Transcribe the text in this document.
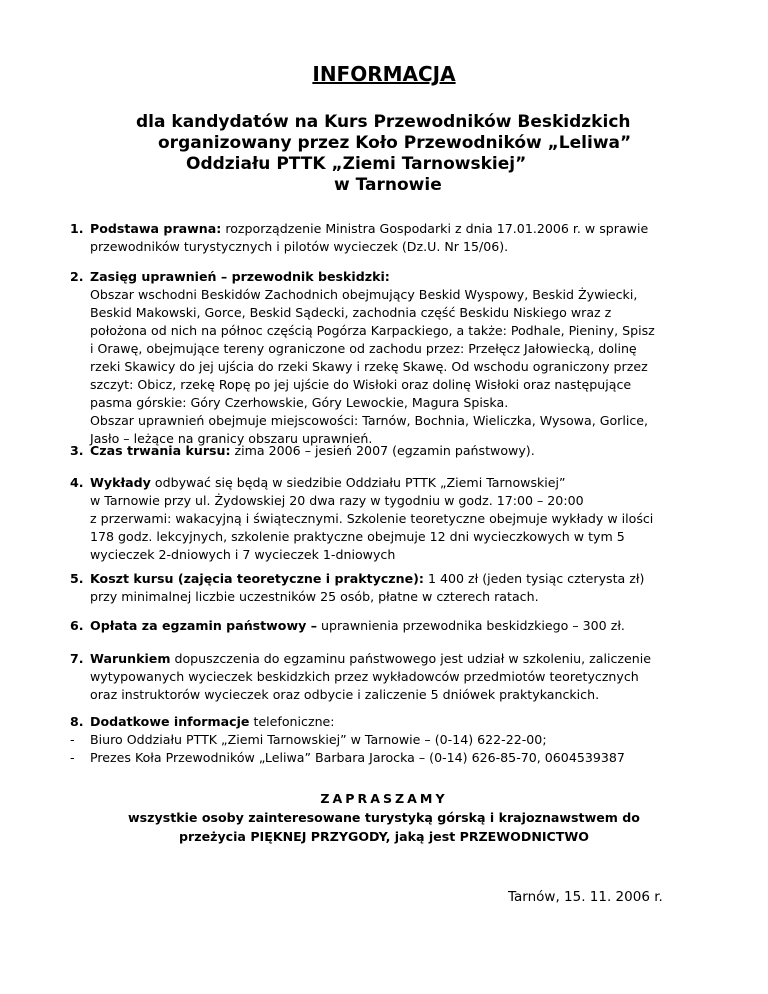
INFORMACJA
dla kandydatów na Kurs Przewodników Beskidzkich
organizowany przez Koło Przewodników „Leliwa”
Oddziału PTTK „Ziemi Tarnowskiej”
w Tarnowie
1. Podstawa prawna: rozporządzenie Ministra Gospodarki z dnia 17.01.2006 r. w sprawie

przewodników turystycznych i pilotów wycieczek (Dz.U. Nr 15/06).

2. Zasięg uprawnień – przewodnik beskidzki:

Obszar wschodni Beskidów Zachodnich obejmujący Beskid Wyspowy, Beskid Żywiecki,

Beskid Makowski, Gorce, Beskid Sądecki, zachodnia część Beskidu Niskiego wraz z

położona od nich na północ częścią Pogórza Karpackiego, a także: Podhale, Pieniny, Spisz

i Orawę, obejmujące tereny ograniczone od zachodu przez: Przełęcz Jałowiecką, dolinę

rzeki Skawicy do jej ujścia do rzeki Skawy i rzekę Skawę. Od wschodu ograniczony przez

szczyt: Obicz, rzekę Ropę po jej ujście do Wisłoki oraz dolinę Wisłoki oraz następujące

pasma górskie: Góry Czerhowskie, Góry Lewockie, Magura Spiska.

Obszar uprawnień obejmuje miejscowości: Tarnów, Bochnia, Wieliczka, Wysowa, Gorlice,

Jasło – leżące na granicy obszaru uprawnień.

3. Czas trwania kursu: zima 2006 – jesień 2007 (egzamin państwowy).

4. Wykłady odbywać się będą w siedzibie Oddziału PTTK „Ziemi Tarnowskiej”

w Tarnowie przy ul. Żydowskiej 20 dwa razy w tygodniu w godz. 17:00 – 20:00

z przerwami: wakacyjną i świątecznymi. Szkolenie teoretyczne obejmuje wykłady w ilości

178 godz. lekcyjnych, szkolenie praktyczne obejmuje 12 dni wycieczkowych w tym 5

wycieczek 2-dniowych i 7 wycieczek 1-dniowych

5. Koszt kursu (zajęcia teoretyczne i praktyczne): 1 400 zł (jeden tysiąc czterysta zł)

przy minimalnej liczbie uczestników 25 osób, płatne w czterech ratach.

6. Opłata za egzamin państwowy – uprawnienia przewodnika beskidzkiego – 300 zł.

7. Warunkiem dopuszczenia do egzaminu państwowego jest udział w szkoleniu, zaliczenie

wytypowanych wycieczek beskidzkich przez wykładowców przedmiotów teoretycznych

oraz instruktorów wycieczek oraz odbycie i zaliczenie 5 dniówek praktykanckich.

8. Dodatkowe informacje telefoniczne:

- Biuro Oddziału PTTK „Ziemi Tarnowskiej” w Tarnowie – (0-14) 622-22-00;
- Prezes Koła Przewodników „Leliwa” Barbara Jarocka – (0-14) 626-85-70, 0604539387
ZAPRASZAMY
wszystkie osoby zainteresowane turystyką górską i krajoznawstwem do
przeżycia PIĘKNEJ PRZYGODY, jaką jest PRZEWODNICTWO
Tarnów, 15. 11. 2006 r.
